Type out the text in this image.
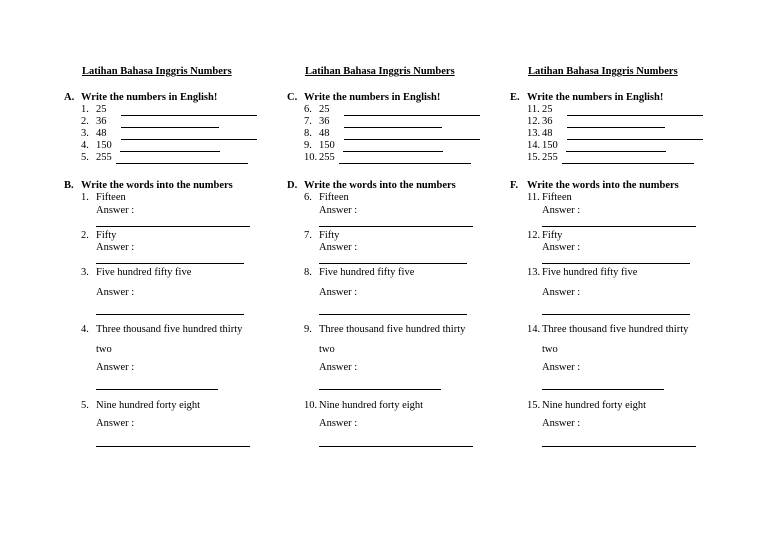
Latihan Bahasa Inggris Numbers
A. Write the numbers in English!
1. 25
2. 36
3. 48
4. 150
5. 255
B. Write the words into the numbers
1. Fifteen
Answer :
2. Fifty
Answer :
3. Five hundred fifty five
Answer :
4. Three thousand five hundred thirty
two
Answer :
5. Nine hundred forty eight
Answer :
Latihan Bahasa Inggris Numbers
C. Write the numbers in English!
6. 25
7. 36
8. 48
9. 150
10. 255
D. Write the words into the numbers
6. Fifteen
Answer :
7. Fifty
Answer :
8. Five hundred fifty five
Answer :
9. Three thousand five hundred thirty
two
Answer :
10. Nine hundred forty eight
Answer :
Latihan Bahasa Inggris Numbers
E. Write the numbers in English!
11. 25
12. 36
13. 48
14. 150
15. 255
F. Write the words into the numbers
11. Fifteen
Answer :
12. Fifty
Answer :
13. Five hundred fifty five
Answer :
14. Three thousand five hundred thirty
two
Answer :
15. Nine hundred forty eight
Answer :
